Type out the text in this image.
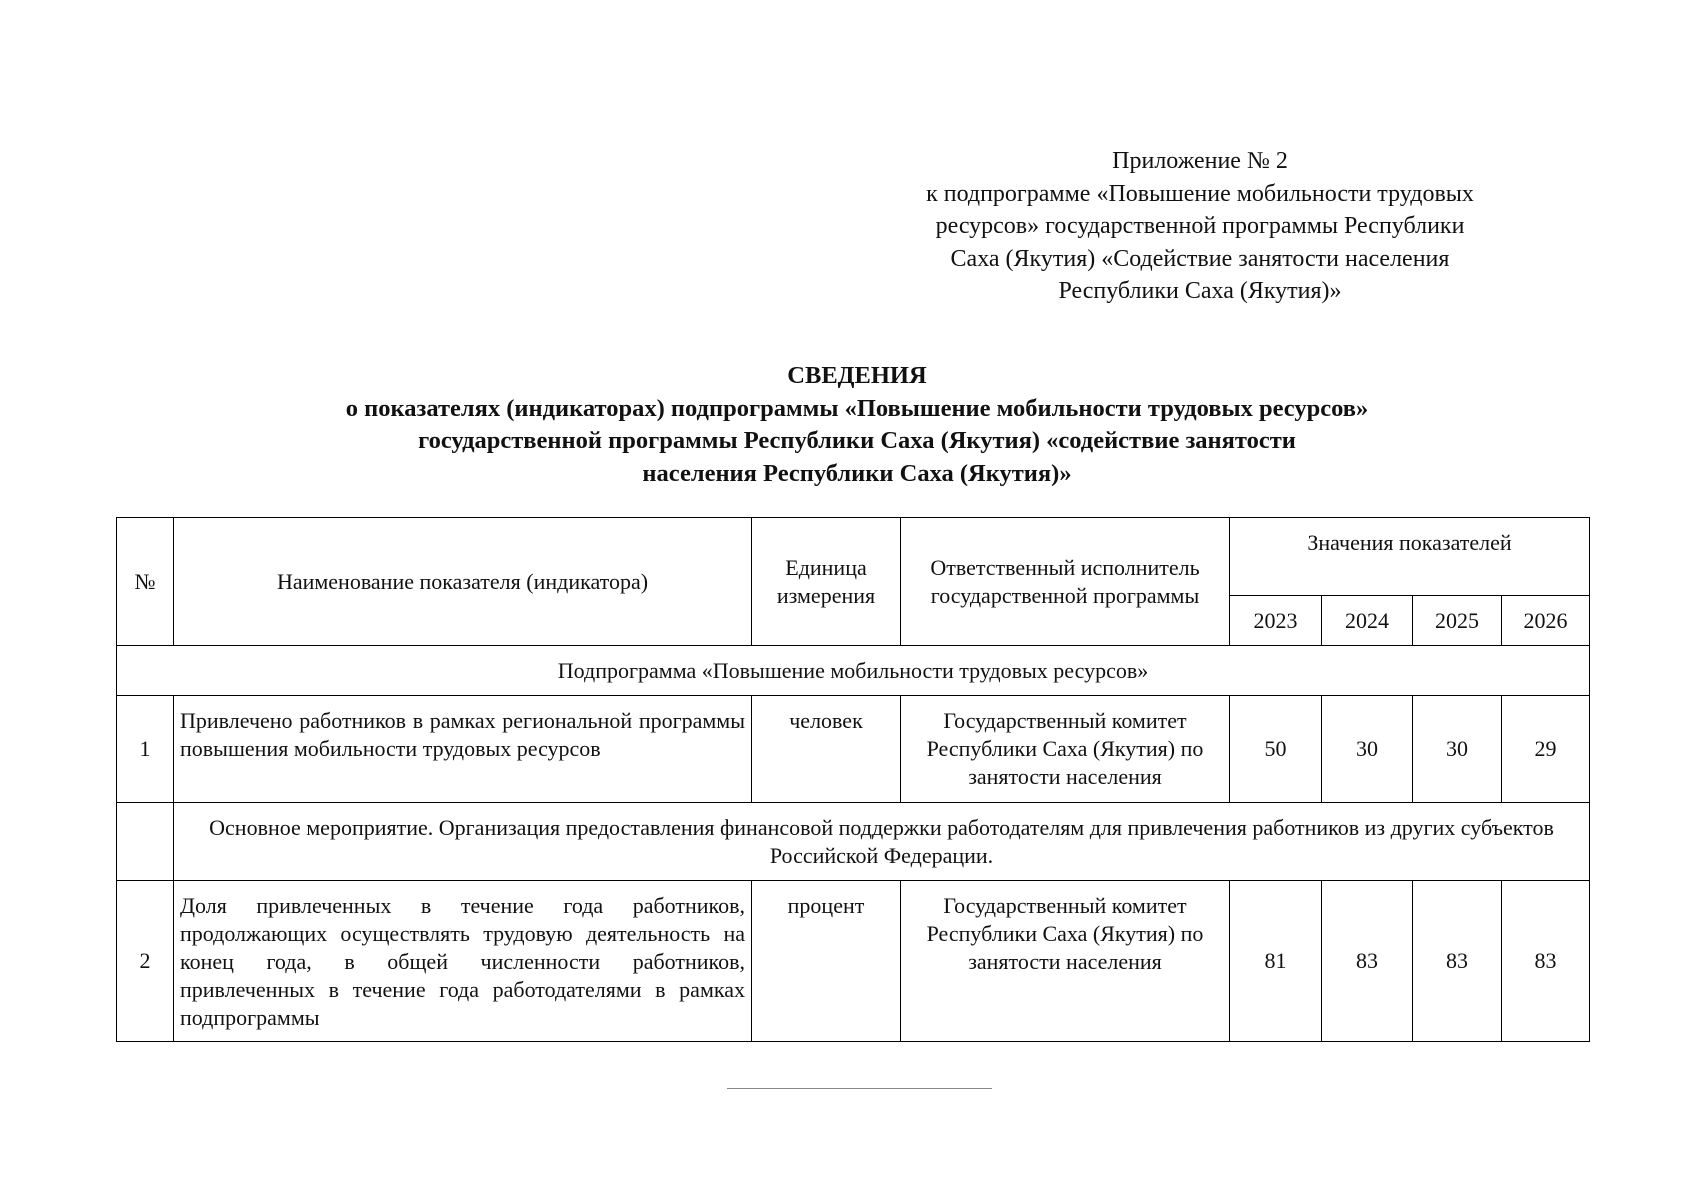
Приложение № 2
к подпрограмме «Повышение мобильности трудовых
ресурсов» государственной программы Республики
Саха (Якутия) «Содействие занятости населения
Республики Саха (Якутия)»
СВЕДЕНИЯ
о показателях (индикаторах) подпрограммы «Повышение мобильности трудовых ресурсов»
государственной программы Республики Саха (Якутия) «содействие занятости
населения Республики Саха (Якутия)»
№	Наименование показателя (индикатора)	Единица измерения	Ответственный исполнитель государственной программы	Значения показателей			
				2023	2024	2025	2026
Подпрограмма «Повышение мобильности трудовых ресурсов»							
1	Привлечено работников в рамках региональной программы повышения мобильности трудовых ресурсов	человек	Государственный комитет Республики Саха (Якутия) по занятости населения	50	30	30	29
	Основное мероприятие. Организация предоставления финансовой поддержки работодателям для привлечения работников из других субъектов Российской Федерации.						
2	Доля привлеченных в течение года работников, продолжающих осуществлять трудовую деятельность на конец года, в общей численности работников, привлеченных в течение года работодателями в рамках подпрограммы	процент	Государственный комитет Республики Саха (Якутия) по занятости населения	81	83	83	83
